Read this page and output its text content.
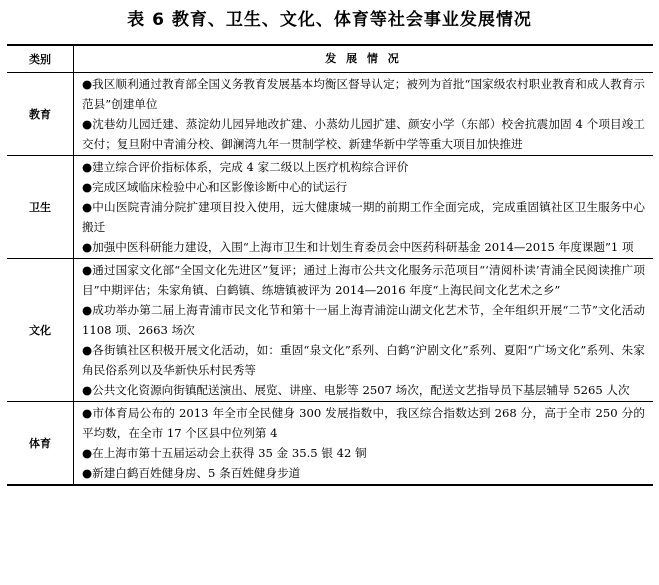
表 6 教育、卫生、文化、体育等社会事业发展情况
类别	发 展 情 况
教育
●我区顺利通过教育部全国义务教育发展基本均衡区督导认定；被列为首批“国家级农村职业教育和成人教育示范县”创建单位
●沈巷幼儿园迁建、蒸淀幼儿园异地改扩建、小蒸幼儿园扩建、颜安小学（东部）校舍抗震加固 4 个项目竣工交付；复旦附中青浦分校、御澜湾九年一贯制学校、新建华新中学等重大项目加快推进
卫生
●建立综合评价指标体系，完成 4 家二级以上医疗机构综合评价
●完成区域临床检验中心和区影像诊断中心的试运行
●中山医院青浦分院扩建项目投入使用，远大健康城一期的前期工作全面完成，完成重固镇社区卫生服务中心搬迁
●加强中医科研能力建设，入围“上海市卫生和计划生育委员会中医药科研基金 2014—2015 年度课题”1 项
文化
●通过国家文化部“全国文化先进区”复评；通过上海市公共文化服务示范项目“‘清阅朴读’青浦全民阅读推广项目”中期评估；朱家角镇、白鹤镇、练塘镇被评为 2014—2016 年度“上海民间文化艺术之乡”
●成功举办第二届上海青浦市民文化节和第十一届上海青浦淀山湖文化艺术节，全年组织开展“二节”文化活动 1108 项、2663 场次
●各街镇社区积极开展文化活动，如：重固“泉文化”系列、白鹤“沪剧文化”系列、夏阳“广场文化”系列、朱家角民俗系列以及华新快乐村民秀等
●公共文化资源向街镇配送演出、展览、讲座、电影等 2507 场次，配送文艺指导员下基层辅导 5265 人次
体育
●市体育局公布的 2013 年全市全民健身 300 发展指数中，我区综合指数达到 268 分，高于全市 250 分的平均数，在全市 17 个区县中位列第 4
●在上海市第十五届运动会上获得 35 金 35.5 银 42 铜
●新建白鹤百姓健身房、5 条百姓健身步道
